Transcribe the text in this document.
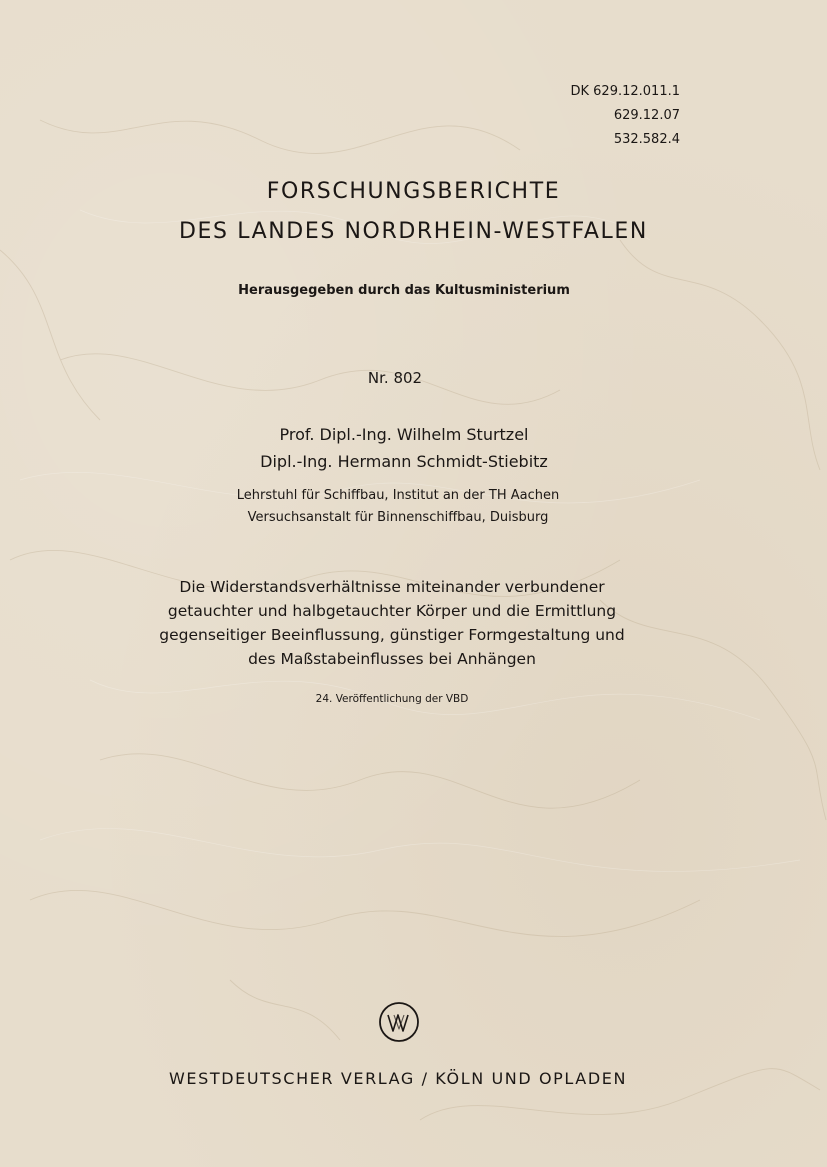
DK 629.12.011.1
629.12.07
532.582.4
FORSCHUNGSBERICHTE
DES LANDES NORDRHEIN-WESTFALEN
Herausgegeben durch das Kultusministerium
Nr. 802
Prof. Dipl.-Ing. Wilhelm Sturtzel
Dipl.-Ing. Hermann Schmidt-Stiebitz
Lehrstuhl für Schiffbau, Institut an der TH Aachen
Versuchsanstalt für Binnenschiffbau, Duisburg
Die Widerstandsverhältnisse miteinander verbundener
getauchter und halbgetauchter Körper und die Ermittlung
gegenseitiger Beeinflussung, günstiger Formgestaltung und
des Maßstabeinflusses bei Anhängen
24. Veröffentlichung der VBD
WESTDEUTSCHER VERLAG / KÖLN UND OPLADEN
